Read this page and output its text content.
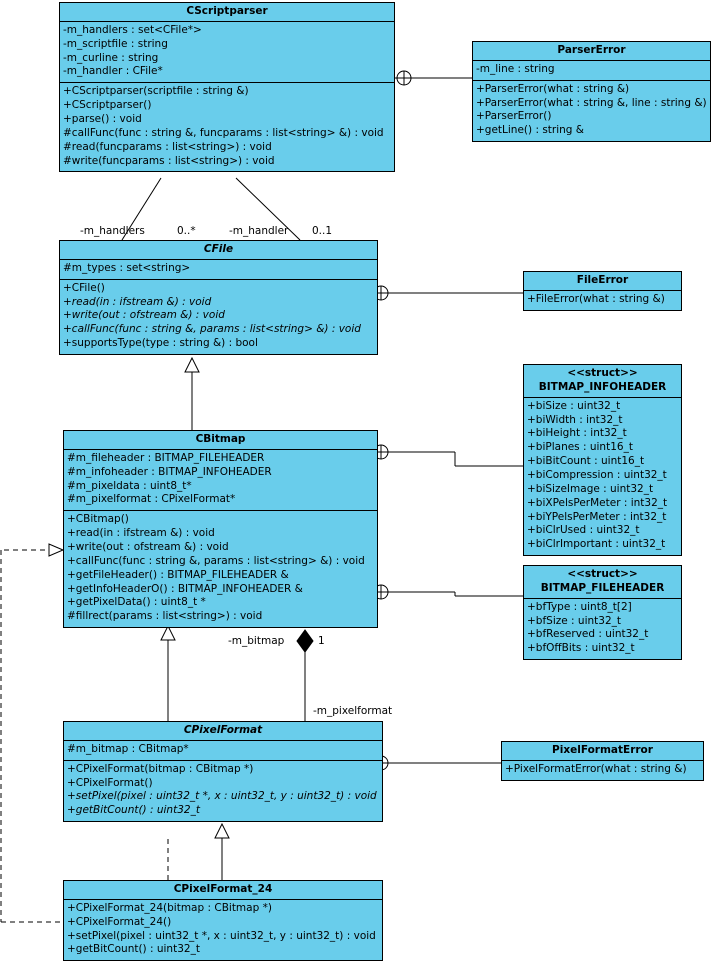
CScriptparser
-m_handlers : set<CFile*>
-m_scriptfile : string
-m_curline : string
-m_handler : CFile*
+CScriptparser(scriptfile : string &)
+CScriptparser()
+parse() : void
#callFunc(func : string &, funcparams : list<string> &) : void
#read(funcparams : list<string>) : void
#write(funcparams : list<string>) : void
ParserError
-m_line : string
+ParserError(what : string &)
+ParserError(what : string &, line : string &)
+ParserError()
+getLine() : string &
CFile
#m_types : set<string>
+CFile()
+read(in : ifstream &) : void
+write(out : ofstream &) : void
+callFunc(func : string &, params : list<string> &) : void
+supportsType(type : string &) : bool
FileError
+FileError(what : string &)
CBitmap
#m_fileheader : BITMAP_FILEHEADER
#m_infoheader : BITMAP_INFOHEADER
#m_pixeldata : uint8_t*
#m_pixelformat : CPixelFormat*
+CBitmap()
+read(in : ifstream &) : void
+write(out : ofstream &) : void
+callFunc(func : string &, params : list<string> &) : void
+getFileHeader() : BITMAP_FILEHEADER &
+getInfoHeaderO() : BITMAP_INFOHEADER &
+getPixelData() : uint8_t *
#fillrect(params : list<string>) : void
<<struct>>
BITMAP_INFOHEADER
+biSize : uint32_t
+biWidth : int32_t
+biHeight : int32_t
+biPlanes : uint16_t
+biBitCount : uint16_t
+biCompression : uint32_t
+biSizeImage : uint32_t
+biXPelsPerMeter : int32_t
+biYPelsPerMeter : int32_t
+biClrUsed : uint32_t
+biClrImportant : uint32_t
<<struct>>
BITMAP_FILEHEADER
+bfType : uint8_t[2]
+bfSize : uint32_t
+bfReserved : uint32_t
+bfOffBits : uint32_t
CPixelFormat
#m_bitmap : CBitmap*
+CPixelFormat(bitmap : CBitmap *)
+CPixelFormat()
+setPixel(pixel : uint32_t *, x : uint32_t, y : uint32_t) : void
+getBitCount() : uint32_t
PixelFormatError
+PixelFormatError(what : string &)
CPixelFormat_24
+CPixelFormat_24(bitmap : CBitmap *)
+CPixelFormat_24()
+setPixel(pixel : uint32_t *, x : uint32_t, y : uint32_t) : void
+getBitCount() : uint32_t
-m_handlers	0..*	-m_handler 0..1
-m_bitmap	1
-m_pixelformat
